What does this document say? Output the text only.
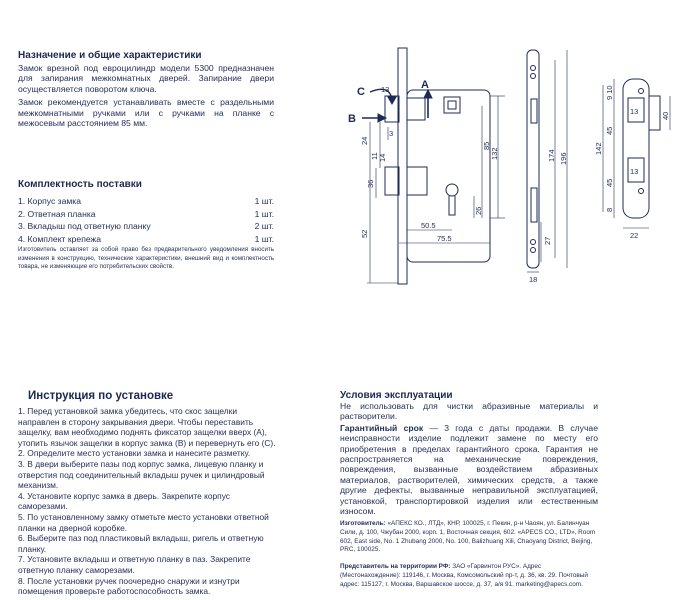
Назначение и общие характеристики
Замок врезной под евроцилиндр модели 5300 предназначен для запирания межкомнатных дверей. Запирание двери осуществляется поворотом ключа.
Замок рекомендуется устанавливать вместе с раздельными межкомнатными ручками или с ручками на планке с межосевым расстоянием 85 мм.
Комплектность поставки
1. Корпус замка	1 шт.
2. Ответная планка	1 шт.
3. Вкладыш под ответную планку	2 шт.
4. Комплект крепежа	1 шт.
Изготовитель оставляет за собой право без предварительного уведомления вносить изменения в конструкцию, технические характеристики, внешний вид и комплектность товара, не изменяющие его потребительских свойств.
A
B
C 13
3
24
11 14
36
52
85
132
26
50.5
75.5
174 196
27
18
9 10
45
142
45
8
13
13
40
22
Инструкция по установке
1. Перед установкой замка убедитесь, что скос защелки направлен в сторону закрывания двери. Чтобы переставить защелку, вам необходимо поднять фиксатор защелки вверх (А), утопить язычок защелки в корпус замка (В) и перевернуть его (С).
2. Определите место установки замка и нанесите разметку.
3. В двери выберите пазы под корпус замка, лицевую планку и отверстия под соединительный вкладыш ручек и цилиндровый механизм.
4. Установите корпус замка в дверь. Закрепите корпус саморезами.
5. По установленному замку отметьте место установки ответной планки на дверной коробке.
6. Выберите паз под пластиковый вкладыш, ригель и ответную планку.
7. Установите вкладыш и ответную планку в паз. Закрепите ответную планку саморезами.
8. После установки ручек поочередно снаружи и изнутри помещения проверьте работоспособность замка.
Условия эксплуатации
Не использовать для чистки абразивные материалы и растворители.
Гарантийный срок — 3 года с даты продажи. В случае неисправности изделие подлежит замене по месту его приобретения в пределах гарантийного срока. Гарантия не распространяется на механические повреждения, повреждения, вызванные воздействием абразивных материалов, растворителей, химических средств, а также другие дефекты, вызванные неправильной эксплуатацией, установкой, транспортировкой изделия или естественным износом.
Изготовитель: «АПЕКС КО., ЛТД», КНР, 100025, г. Пекин, р-н Чаоян, ул. Балинчуан Сили, д. 100, Чжубан 2000, корп. 1, Восточная секция, 602. «APECS CO., LTD», Room 602, East side, No. 1 Zhubang 2000, No. 100, Balizhuang Xili, Chaoyang District, Beijing, PRC, 100025.
Представитель на территории РФ: ЗАО «Гарвинтон РУС». Адрес (Местонахождение): 119146, г. Москва, Комсомольский пр-т, д. 36, кв. 29. Почтовый адрес: 115127, г. Москва, Варшавское шоссе, д. 37, а/я 91. marketing@apecs.com.
